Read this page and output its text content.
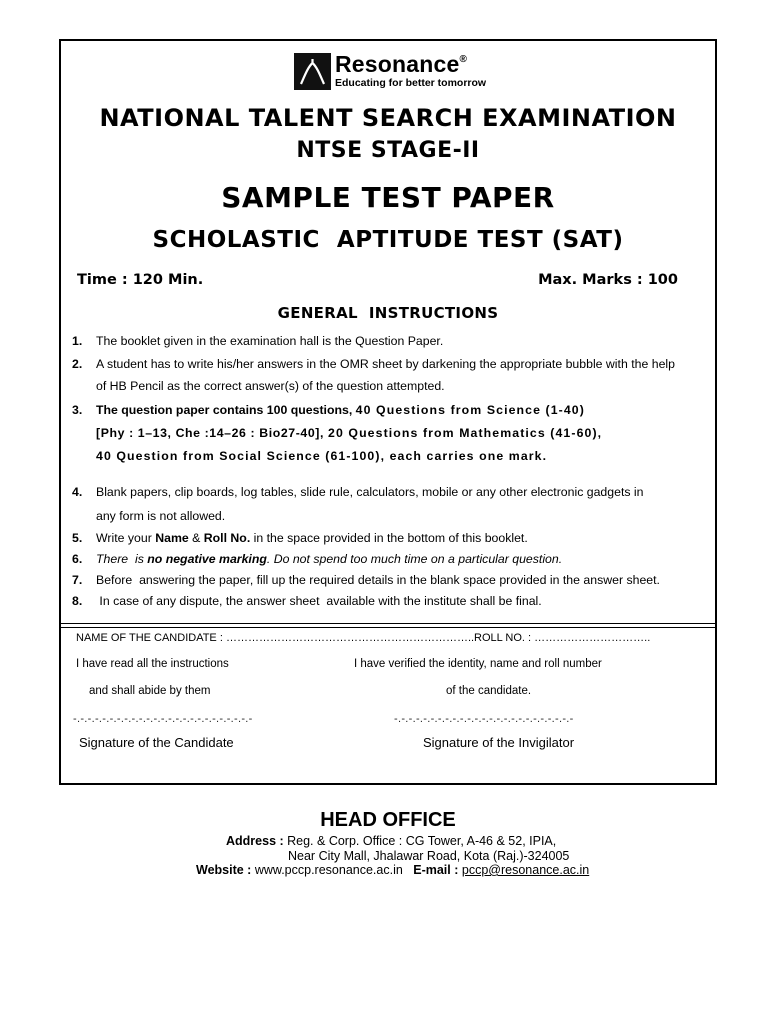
Resonance®
Educating for better tomorrow
NATIONAL TALENT SEARCH EXAMINATION
NTSE STAGE-II
SAMPLE TEST PAPER
SCHOLASTIC  APTITUDE TEST (SAT)
Time : 120 Min.	Max. Marks : 100
GENERAL  INSTRUCTIONS
1. The booklet given in the examination hall is the Question Paper.
2. A student has to write his/her answers in the OMR sheet by darkening the appropriate bubble with the help
of HB Pencil as the correct answer(s) of the question attempted.
3. The question paper contains 100 questions, 40 Questions from Science (1-40)
[Phy : 1–13, Che :14–26 : Bio27-40], 20 Questions from Mathematics (41-60),
40 Question from Social Science (61-100), each carries one mark.
4. Blank papers, clip boards, log tables, slide rule, calculators, mobile or any other electronic gadgets in
any form is not allowed.
5. Write your Name & Roll No. in the space provided in the bottom of this booklet.
6. There  is no negative marking. Do not spend too much time on a particular question.
7. Before  answering the paper, fill up the required details in the blank space provided in the answer sheet.
8. In case of any dispute, the answer sheet  available with the institute shall be final.
NAME OF THE CANDIDATE : …………………………………………………………..ROLL NO. : …………………………..
I have read all the instructions	I have verified the identity, name and roll number
and shall abide by them	of the candidate.
-.-.-.-.-.-.-.-.-.-.-.-.-.-.-.-.-.-.-.-.-.-.-.-.-	-.-.-.-.-.-.-.-.-.-.-.-.-.-.-.-.-.-.-.-.-.-.-.-.-
Signature of the Candidate	Signature of the Invigilator
HEAD OFFICE
Address : Reg. & Corp. Office : CG Tower, A-46 & 52, IPIA,
Near City Mall, Jhalawar Road, Kota (Raj.)-324005
Website : www.pccp.resonance.ac.in E-mail : pccp@resonance.ac.in
